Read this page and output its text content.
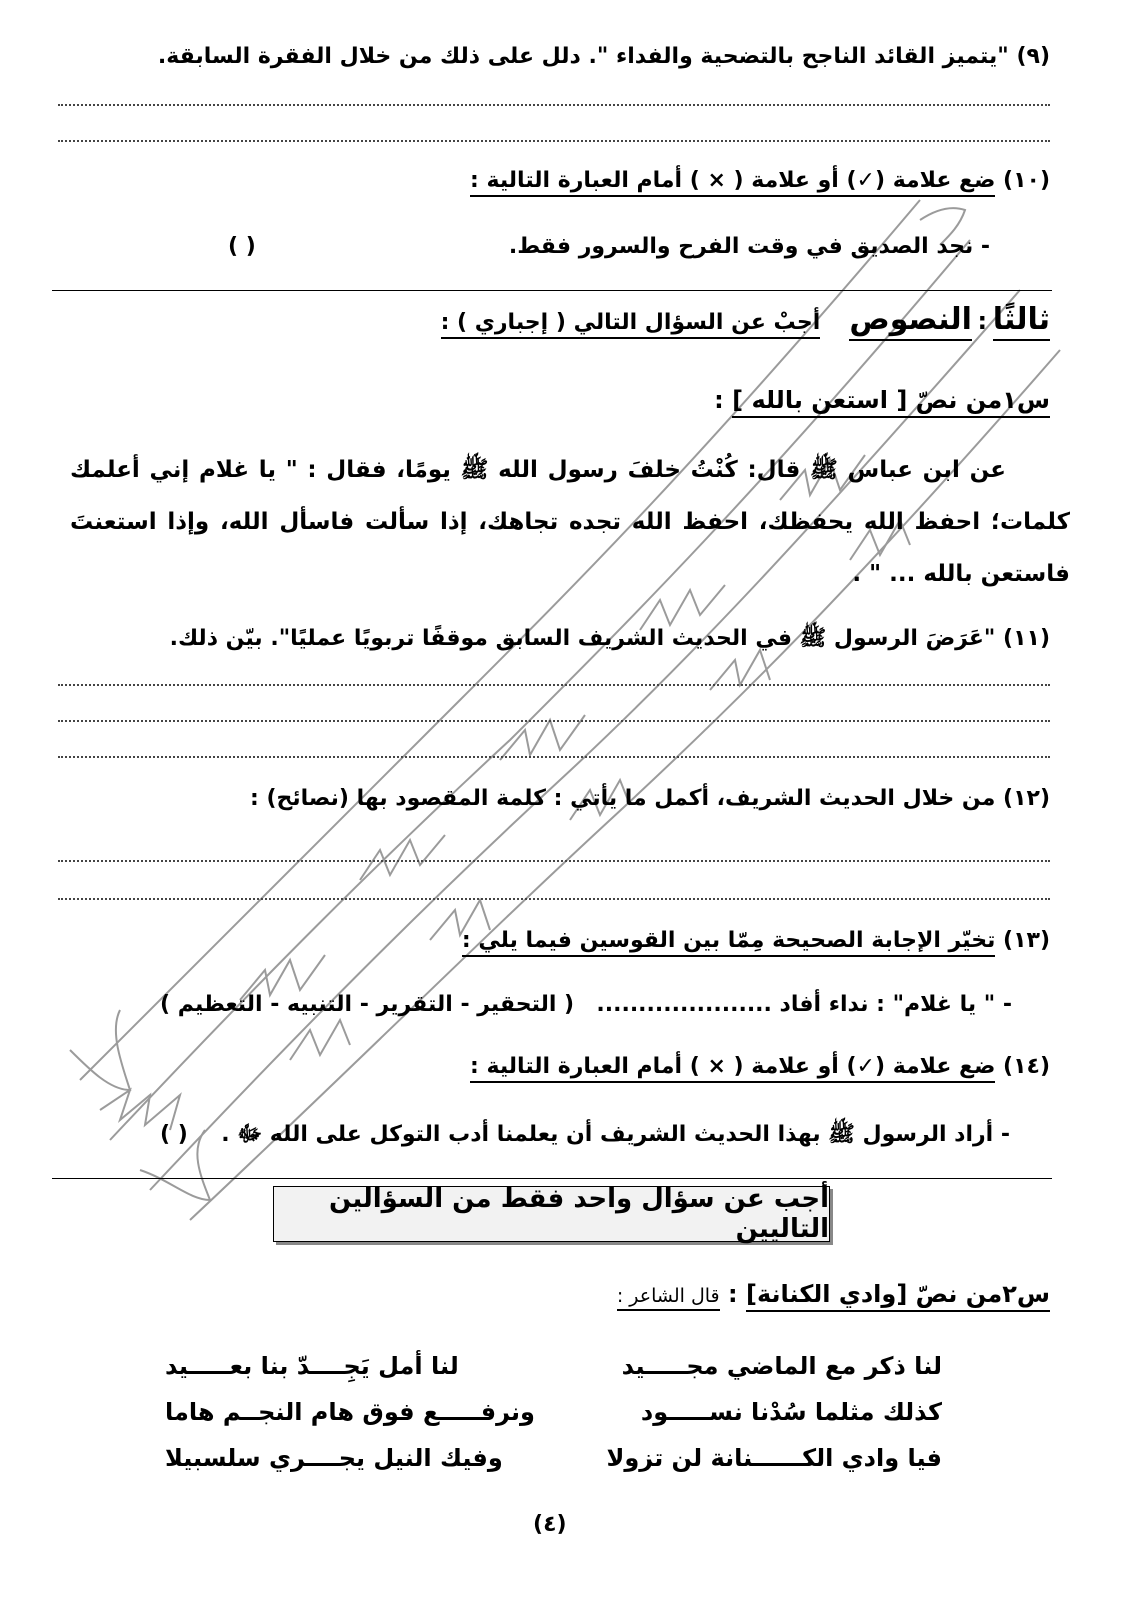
(٩) "يتميز القائد الناجح بالتضحية والفداء ". دلل على ذلك من خلال الفقرة السابقة.
(١٠) ضع علامة (✓) أو علامة ( × ) أمام العبارة التالية :
- نجد الصديق في وقت الفرح والسرور فقط.
( )
ثالثًا : النصوص  أجبْ عن السؤال التالي ( إجباري ) :
س١من نصّ [ استعن بالله ] :
عن ابن عباس ﷺ قال: كُنْتُ خلفَ رسول الله ﷺ يومًا، فقال : " يا غلام إني أعلمك كلمات؛ احفظ الله يحفظك، احفظ الله تجده تجاهك، إذا سألت فاسأل الله، وإذا استعنتَ فاستعن بالله ... " .
(١١) "عَرَضَ الرسول ﷺ في الحديث الشريف السابق موقفًا تربويًا عمليًا". بيّن ذلك.
(١٢) من خلال الحديث الشريف، أكمل ما يأتي : كلمة المقصود بها (نصائح) :
(١٣) تخيّر الإجابة الصحيحة مِمّا بين القوسين فيما يلي :
- " يا غلام" : نداء أفاد .....................
( التحقير - التقرير - التنبيه - التعظيم )
(١٤) ضع علامة (✓) أو علامة ( × ) أمام العبارة التالية :
- أراد الرسول ﷺ بهذا الحديث الشريف أن يعلمنا أدب التوكل على الله ﷻ .
( )
أجب عن سؤال واحد فقط من السؤالين التاليين
س٢من نصّ [وادي الكنانة] : قال الشاعر :
لنا ذكر مع الماضي مجـــــيد
لنا أمل يَجِــــدّ بنا بعـــــيد
كذلك مثلما سُدْنا نســـــود
ونرفـــــع فوق هام النجــم هاما
فيا وادي الكــــــنانة لن تزولا
وفيك النيل يجــــري سلسبيلا
(٤)
